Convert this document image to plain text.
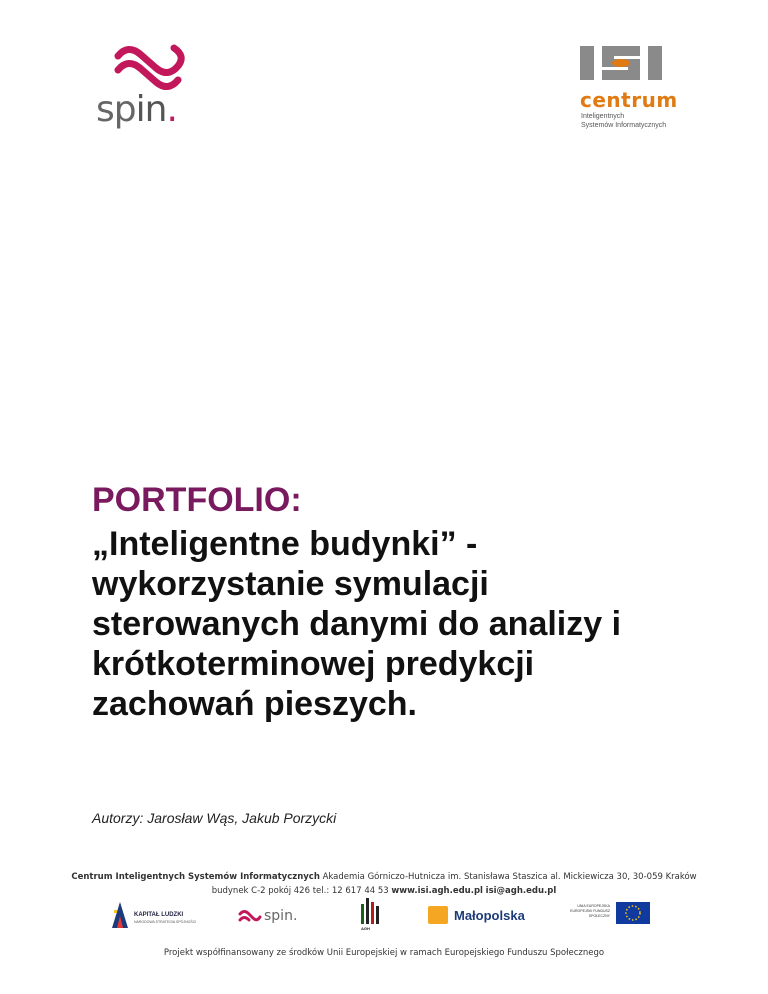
spin.	centrum
Inteligentnych
Systemów Informatycznych
PORTFOLIO:
„Inteligentne budynki” -
wykorzystanie symulacji
sterowanych danymi do analizy i
krótkoterminowej predykcji
zachowań pieszych.
Autorzy: Jarosław Wąs, Jakub Porzycki
Centrum Inteligentnych Systemów Informatycznych Akademia Górniczo-Hutnicza im. Stanisława Staszica al. Mickiewicza 30, 30-059 Kraków
budynek C-2 pokój 426 tel.: 12 617 44 53 www.isi.agh.edu.pl isi@agh.edu.pl
KAPITAŁ LUDZKI
NARODOWA STRATEGIA SPÓJNOŚCI	spin.
AGH
Małopolska
UNIA EUROPEJSKA EUROPEJSKI FUNDUSZ SPOŁECZNY
Projekt współfinansowany ze środków Unii Europejskiej w ramach Europejskiego Funduszu Społecznego
